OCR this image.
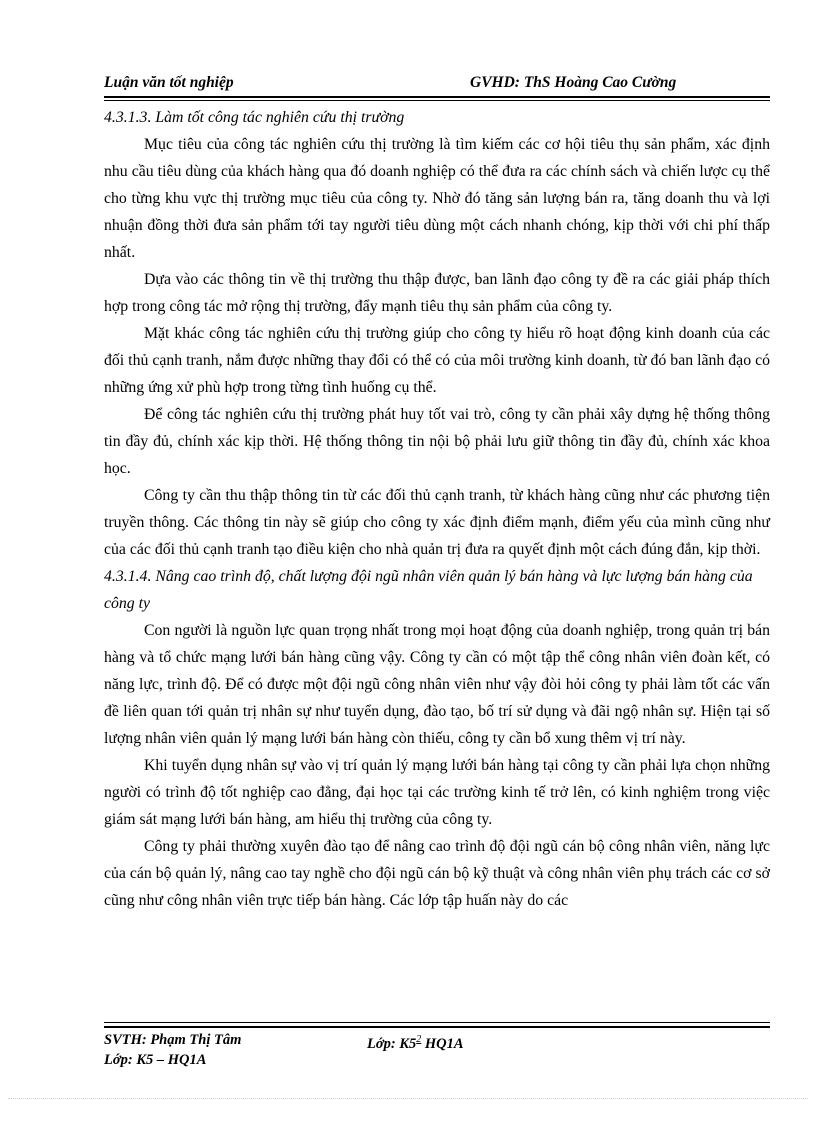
Luận văn tốt nghiệp	GVHD: ThS Hoàng Cao Cường
4.3.1.3. Làm tốt công tác nghiên cứu thị trường

Mục tiêu của công tác nghiên cứu thị trường là tìm kiếm các cơ hội tiêu thụ sản phẩm, xác định nhu cầu tiêu dùng của khách hàng qua đó doanh nghiệp có thể đưa ra các chính sách và chiến lược cụ thể cho từng khu vực thị trường mục tiêu của công ty. Nhờ đó tăng sản lượng bán ra, tăng doanh thu và lợi nhuận đồng thời đưa sản phẩm tới tay người tiêu dùng một cách nhanh chóng, kịp thời với chi phí thấp nhất.

Dựa vào các thông tin về thị trường thu thập được, ban lãnh đạo công ty đề ra các giải pháp thích hợp trong công tác mở rộng thị trường, đẩy mạnh tiêu thụ sản phẩm của công ty.

Mặt khác công tác nghiên cứu thị trường giúp cho công ty hiểu rõ hoạt động kinh doanh của các đối thủ cạnh tranh, nắm được những thay đổi có thể có của môi trường kinh doanh, từ đó ban lãnh đạo có những ứng xử phù hợp trong từng tình huống cụ thể.

Để công tác nghiên cứu thị trường phát huy tốt vai trò, công ty cần phải xây dựng hệ thống thông tin đầy đủ, chính xác kịp thời. Hệ thống thông tin nội bộ phải lưu giữ thông tin đầy đủ, chính xác khoa học.

Công ty cần thu thập thông tin từ các đối thủ cạnh tranh, từ khách hàng cũng như các phương tiện truyền thông. Các thông tin này sẽ giúp cho công ty xác định điểm mạnh, điểm yếu của mình cũng như của các đối thủ cạnh tranh tạo điều kiện cho nhà quản trị đưa ra quyết định một cách đúng đắn, kịp thời.

4.3.1.4. Nâng cao trình độ, chất lượng đội ngũ nhân viên quản lý bán hàng và lực lượng bán hàng của công ty

Con người là nguồn lực quan trọng nhất trong mọi hoạt động của doanh nghiệp, trong quản trị bán hàng và tổ chức mạng lưới bán hàng cũng vậy. Công ty cần có một tập thể công nhân viên đoàn kết, có năng lực, trình độ. Để có được một đội ngũ công nhân viên như vậy đòi hỏi công ty phải làm tốt các vấn đề liên quan tới quản trị nhân sự như tuyển dụng, đào tạo, bố trí sử dụng và đãi ngộ nhân sự. Hiện tại số lượng nhân viên quản lý mạng lưới bán hàng còn thiếu, công ty cần bổ xung thêm vị trí này.

Khi tuyển dụng nhân sự vào vị trí quản lý mạng lưới bán hàng tại công ty cần phải lựa chọn những người có trình độ tốt nghiệp cao đẳng, đại học tại các trường kinh tế trở lên, có kinh nghiệm trong việc giám sát mạng lưới bán hàng, am hiểu thị trường của công ty.

Công ty phải thường xuyên đào tạo để nâng cao trình độ đội ngũ cán bộ công nhân viên, năng lực của cán bộ quản lý, nâng cao tay nghề cho đội ngũ cán bộ kỹ thuật và công nhân viên phụ trách các cơ sở cũng như công nhân viên trực tiếp bán hàng. Các lớp tập huấn này do các

SVTH: Phạm Thị Tâm	Lớp: $K5^2$ HQ1A
Lớp: K5 – HQ1A
